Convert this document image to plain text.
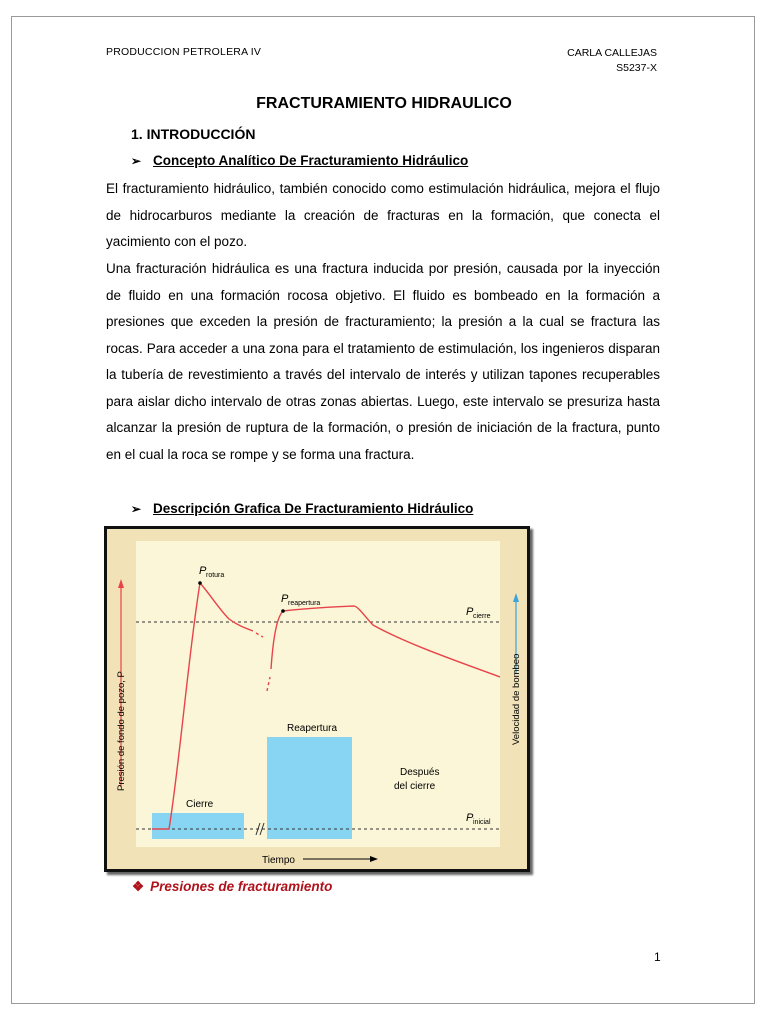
PRODUCCION PETROLERA IV	CARLA CALLEJAS
S5237-X
FRACTURAMIENTO HIDRAULICO
1. INTRODUCCIÓN
➢ Concepto Analítico De Fracturamiento Hidráulico

El fracturamiento hidráulico, también conocido como estimulación hidráulica, mejora el flujo de hidrocarburos mediante la creación de fracturas en la formación, que conecta el yacimiento con el pozo.

Una fracturación hidráulica es una fractura inducida por presión, causada por la inyección de fluido en una formación rocosa objetivo. El fluido es bombeado en la formación a presiones que exceden la presión de fracturamiento; la presión a la cual se fractura las rocas. Para acceder a una zona para el tratamiento de estimulación, los ingenieros disparan la tubería de revestimiento a través del intervalo de interés y utilizan tapones recuperables para aislar dicho intervalo de otras zonas abiertas. Luego, este intervalo se presuriza hasta alcanzar la presión de ruptura de la formación, o presión de iniciación de la fractura, punto en el cual la roca se rompe y se forma una fractura.

➢ Descripción Grafica De Fracturamiento Hidráulico
Tiempo
Presión de fondo de pozo, P	Velocidad de bombeo
P rotura
P reapertura
P cierre
P inicial
Cierre
Reapertura
Después
del cierre
❖ Presiones de fracturamiento
1
